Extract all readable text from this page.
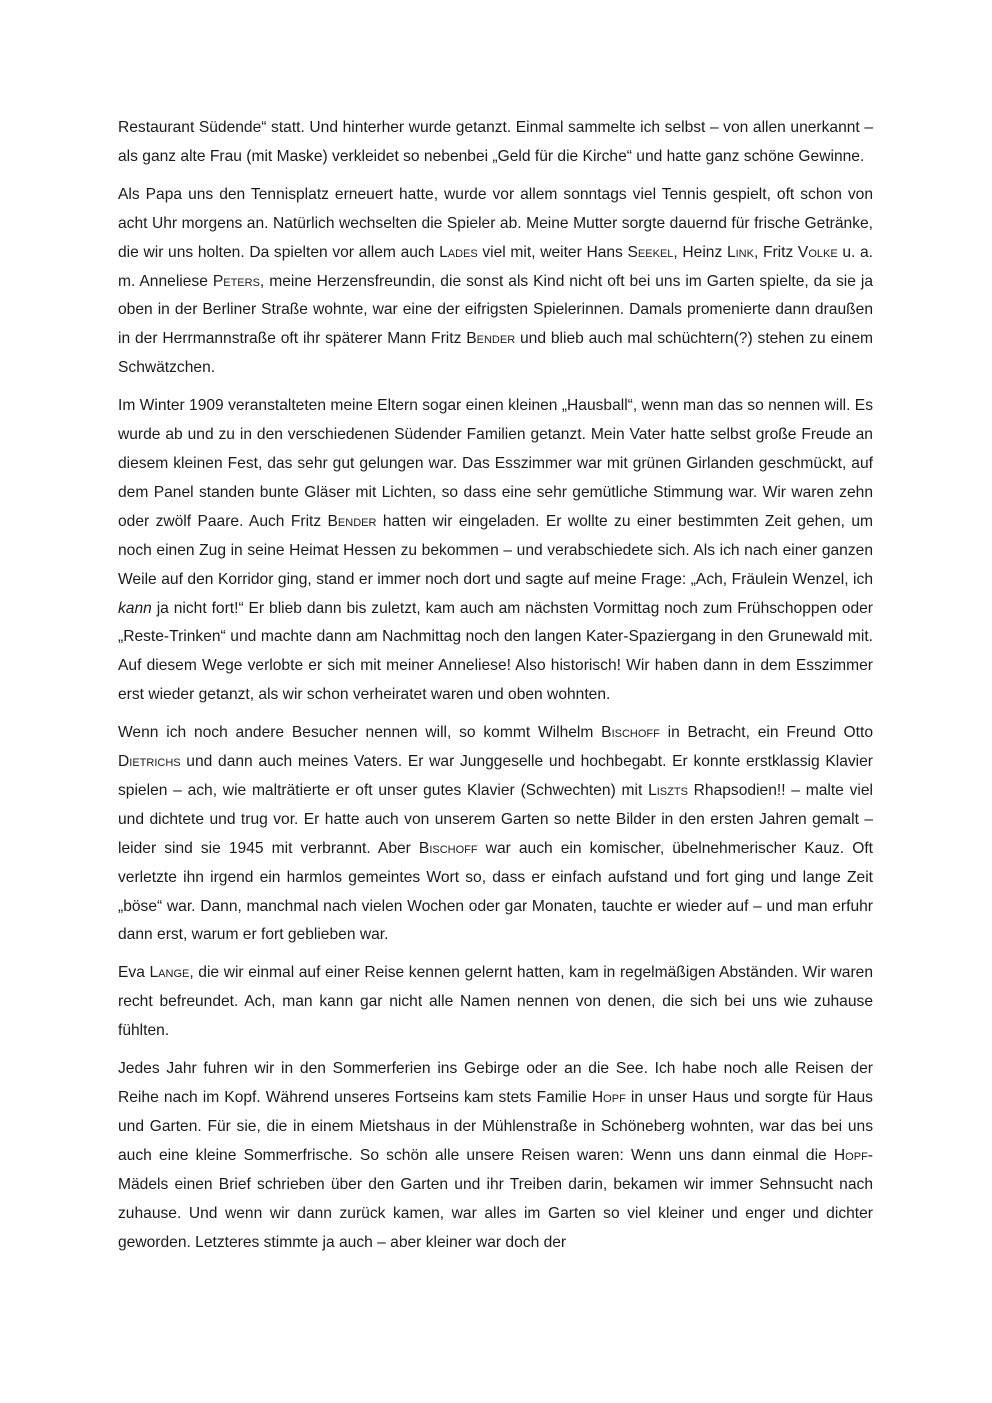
Restaurant Südende“ statt. Und hinterher wurde getanzt. Einmal sammelte ich selbst – von allen unerkannt – als ganz alte Frau (mit Maske) verkleidet so nebenbei „Geld für die Kirche“ und hatte ganz schöne Gewinne.

Als Papa uns den Tennisplatz erneuert hatte, wurde vor allem sonntags viel Tennis gespielt, oft schon von acht Uhr morgens an. Natürlich wechselten die Spieler ab. Meine Mutter sorgte dauernd für frische Getränke, die wir uns holten. Da spielten vor allem auch Lades viel mit, weiter Hans Seekel, Heinz Link, Fritz Volke u. a. m. Anneliese Peters, meine Herzensfreundin, die sonst als Kind nicht oft bei uns im Garten spielte, da sie ja oben in der Berliner Straße wohnte, war eine der eifrigsten Spielerinnen. Damals promenierte dann draußen in der Herrmannstraße oft ihr späterer Mann Fritz Bender und blieb auch mal schüchtern(?) stehen zu einem Schwätzchen.

Im Winter 1909 veranstalteten meine Eltern sogar einen kleinen „Hausball“, wenn man das so nennen will. Es wurde ab und zu in den verschiedenen Südender Familien getanzt. Mein Vater hatte selbst große Freude an diesem kleinen Fest, das sehr gut gelungen war. Das Esszimmer war mit grünen Girlanden geschmückt, auf dem Panel standen bunte Gläser mit Lichten, so dass eine sehr gemütliche Stimmung war. Wir waren zehn oder zwölf Paare. Auch Fritz Bender hatten wir eingeladen. Er wollte zu einer bestimmten Zeit gehen, um noch einen Zug in seine Heimat Hessen zu bekommen – und verabschiedete sich. Als ich nach einer ganzen Weile auf den Korridor ging, stand er immer noch dort und sagte auf meine Frage: „Ach, Fräulein Wenzel, ich kann ja nicht fort!“ Er blieb dann bis zuletzt, kam auch am nächsten Vormittag noch zum Frühschoppen oder „Reste-Trinken“ und machte dann am Nachmittag noch den langen Kater-Spaziergang in den Grunewald mit. Auf diesem Wege verlobte er sich mit meiner Anneliese! Also historisch! Wir haben dann in dem Esszimmer erst wieder getanzt, als wir schon verheiratet waren und oben wohnten.

Wenn ich noch andere Besucher nennen will, so kommt Wilhelm Bischoff in Betracht, ein Freund Otto Dietrichs und dann auch meines Vaters. Er war Junggeselle und hochbegabt. Er konnte erstklassig Klavier spielen – ach, wie malträtierte er oft unser gutes Klavier (Schwechten) mit Liszts Rhapsodien!! – malte viel und dichtete und trug vor. Er hatte auch von unserem Garten so nette Bilder in den ersten Jahren gemalt – leider sind sie 1945 mit verbrannt. Aber Bischoff war auch ein komischer, übelnehmerischer Kauz. Oft verletzte ihn irgend ein harmlos gemeintes Wort so, dass er einfach aufstand und fort ging und lange Zeit „böse“ war. Dann, manchmal nach vielen Wochen oder gar Monaten, tauchte er wieder auf – und man erfuhr dann erst, warum er fort geblieben war.

Eva Lange, die wir einmal auf einer Reise kennen gelernt hatten, kam in regelmäßigen Abständen. Wir waren recht befreundet. Ach, man kann gar nicht alle Namen nennen von denen, die sich bei uns wie zuhause fühlten.

Jedes Jahr fuhren wir in den Sommerferien ins Gebirge oder an die See. Ich habe noch alle Reisen der Reihe nach im Kopf. Während unseres Fortseins kam stets Familie Hopf in unser Haus und sorgte für Haus und Garten. Für sie, die in einem Mietshaus in der Mühlenstraße in Schöneberg wohnten, war das bei uns auch eine kleine Sommerfrische. So schön alle unsere Reisen waren: Wenn uns dann einmal die Hopf-Mädels einen Brief schrieben über den Garten und ihr Treiben darin, bekamen wir immer Sehnsucht nach zuhause. Und wenn wir dann zurück kamen, war alles im Garten so viel kleiner und enger und dichter geworden. Letzteres stimmte ja auch – aber kleiner war doch der
